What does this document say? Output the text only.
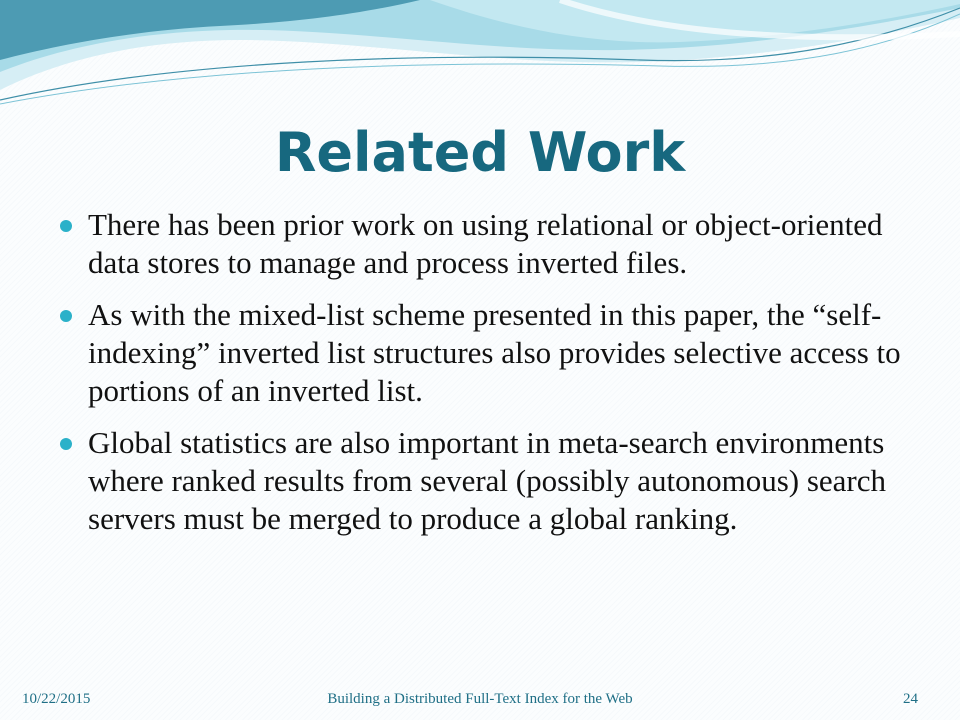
Related Work
There has been prior work on using relational or object-oriented data stores to manage and process inverted files.
As with the mixed-list scheme presented in this paper, the “self-indexing” inverted list structures also provides selective access to portions of an inverted list.
Global statistics are also important in meta-search environments where ranked results from several (possibly autonomous) search servers must be merged to produce a global ranking.
10/22/2015	Building a Distributed Full-Text Index for the Web	24
